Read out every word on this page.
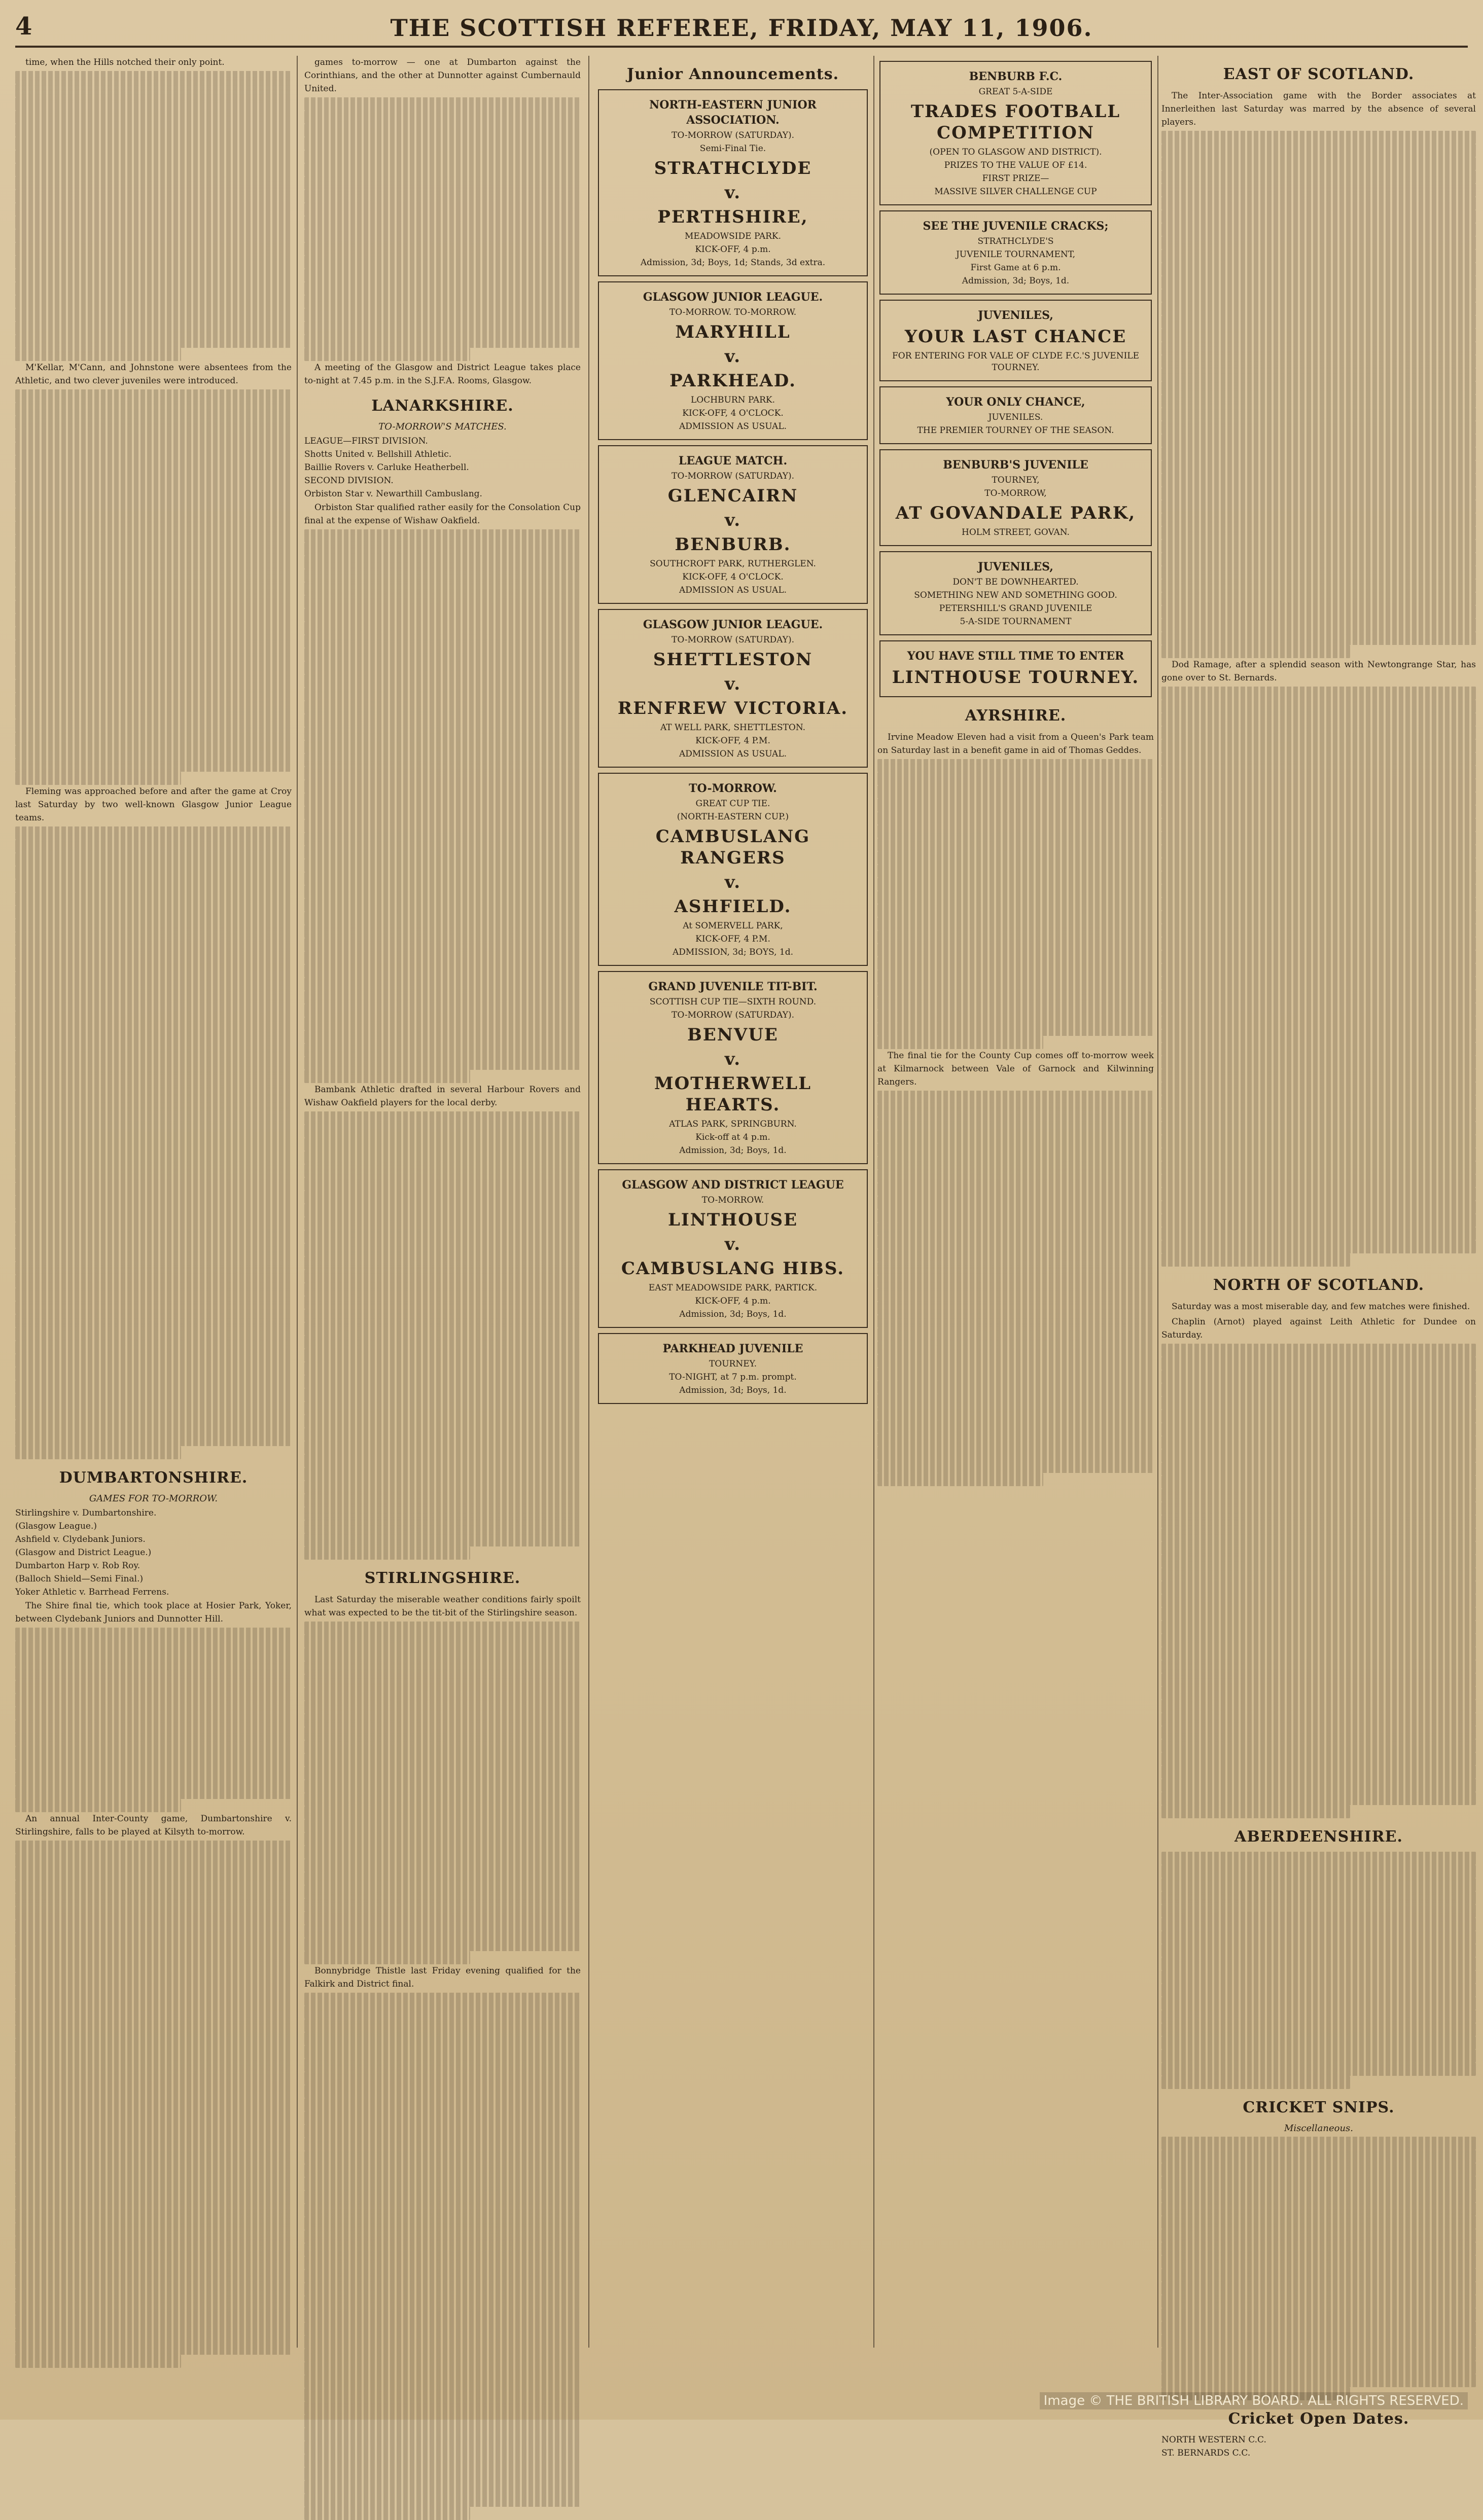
4	THE SCOTTISH REFEREE, FRIDAY, MAY 11, 1906.

time, when the Hills notched their only point.

M'Kellar, M'Cann, and Johnstone were absentees from the Athletic, and two clever juveniles were introduced.

Fleming was approached before and after the game at Croy last Saturday by two well-known Glasgow Junior League teams.

DUMBARTONSHIRE.
GAMES FOR TO-MORROW.
Stirlingshire v. Dumbartonshire.
(Glasgow League.)
Ashfield v. Clydebank Juniors.
(Glasgow and District League.)
Dumbarton Harp v. Rob Roy.
(Balloch Shield—Semi Final.)
Yoker Athletic v. Barrhead Ferrens.

The Shire final tie, which took place at Hosier Park, Yoker, between Clydebank Juniors and Dunnotter Hill.

An annual Inter-County game, Dumbartonshire v. Stirlingshire, falls to be played at Kilsyth to-morrow.

games to-morrow — one at Dumbarton against the Corinthians, and the other at Dunnotter against Cumbernauld United.

A meeting of the Glasgow and District League takes place to-night at 7.45 p.m. in the S.J.F.A. Rooms, Glasgow.

LANARKSHIRE.
TO-MORROW'S MATCHES.
LEAGUE—FIRST DIVISION.
Shotts United v. Bellshill Athletic.
Baillie Rovers v. Carluke Heatherbell.
SECOND DIVISION.
Orbiston Star v. Newarthill Cambuslang.

Orbiston Star qualified rather easily for the Consolation Cup final at the expense of Wishaw Oakfield.

Bambank Athletic drafted in several Harbour Rovers and Wishaw Oakfield players for the local derby.

STIRLINGSHIRE.

Last Saturday the miserable weather conditions fairly spoilt what was expected to be the tit-bit of the Stirlingshire season.

Bonnybridge Thistle last Friday evening qualified for the Falkirk and District final.

Junior Announcements.
NORTH-EASTERN JUNIOR ASSOCIATION.
TO-MORROW (SATURDAY).
Semi-Final Tie.
STRATHCLYDE
v.
PERTHSHIRE,
MEADOWSIDE PARK.
KICK-OFF, 4 p.m.
Admission, 3d; Boys, 1d; Stands, 3d extra.
GLASGOW JUNIOR LEAGUE.
TO-MORROW. TO-MORROW.
MARYHILL
v.
PARKHEAD.
LOCHBURN PARK.
KICK-OFF, 4 O'CLOCK.
ADMISSION AS USUAL.
LEAGUE MATCH.
TO-MORROW (SATURDAY).
GLENCAIRN
v.
BENBURB.
SOUTHCROFT PARK, RUTHERGLEN.
KICK-OFF, 4 O'CLOCK.
ADMISSION AS USUAL.
GLASGOW JUNIOR LEAGUE.
TO-MORROW (SATURDAY).
SHETTLESTON
v.
RENFREW VICTORIA.
AT WELL PARK, SHETTLESTON.
KICK-OFF, 4 P.M.
ADMISSION AS USUAL.
TO-MORROW.
GREAT CUP TIE.
(NORTH-EASTERN CUP.)
CAMBUSLANG RANGERS
v.
ASHFIELD.
At SOMERVELL PARK,
KICK-OFF, 4 P.M.
ADMISSION, 3d; BOYS, 1d.
GRAND JUVENILE TIT-BIT.
SCOTTISH CUP TIE—SIXTH ROUND.
TO-MORROW (SATURDAY).
BENVUE
v.
MOTHERWELL HEARTS.
ATLAS PARK, SPRINGBURN.
Kick-off at 4 p.m.
Admission, 3d; Boys, 1d.
GLASGOW AND DISTRICT LEAGUE
TO-MORROW.
LINTHOUSE
v.
CAMBUSLANG HIBS.
EAST MEADOWSIDE PARK, PARTICK.
KICK-OFF, 4 p.m.
Admission, 3d; Boys, 1d.
PARKHEAD JUVENILE
TOURNEY.
TO-NIGHT, at 7 p.m. prompt.
Admission, 3d; Boys, 1d.
BENBURB F.C.
GREAT 5-A-SIDE
TRADES FOOTBALL COMPETITION
(OPEN TO GLASGOW AND DISTRICT).
PRIZES TO THE VALUE OF £14.
FIRST PRIZE—
MASSIVE SILVER CHALLENGE CUP
SEE THE JUVENILE CRACKS;
STRATHCLYDE'S
JUVENILE TOURNAMENT,
First Game at 6 p.m.
Admission, 3d; Boys, 1d.
JUVENILES,
YOUR LAST CHANCE
FOR ENTERING FOR VALE OF CLYDE F.C.'S JUVENILE TOURNEY.
YOUR ONLY CHANCE,
JUVENILES.
THE PREMIER TOURNEY OF THE SEASON.
BENBURB'S JUVENILE
TOURNEY,
TO-MORROW,
AT GOVANDALE PARK,
HOLM STREET, GOVAN.
JUVENILES,
DON'T BE DOWNHEARTED.
SOMETHING NEW AND SOMETHING GOOD.
PETERSHILL'S GRAND JUVENILE
5-A-SIDE TOURNAMENT
YOU HAVE STILL TIME TO ENTER
LINTHOUSE TOURNEY.
AYRSHIRE.

Irvine Meadow Eleven had a visit from a Queen's Park team on Saturday last in a benefit game in aid of Thomas Geddes.

The final tie for the County Cup comes off to-morrow week at Kilmarnock between Vale of Garnock and Kilwinning Rangers.

EAST OF SCOTLAND.

The Inter-Association game with the Border associates at Innerleithen last Saturday was marred by the absence of several players.

Dod Ramage, after a splendid season with Newtongrange Star, has gone over to St. Bernards.

NORTH OF SCOTLAND.

Saturday was a most miserable day, and few matches were finished.

Chaplin (Arnot) played against Leith Athletic for Dundee on Saturday.

ABERDEENSHIRE.
CRICKET SNIPS.
Miscellaneous.
Cricket Open Dates.
NORTH WESTERN C.C.
ST. BERNARDS C.C.
Image © THE BRITISH LIBRARY BOARD. ALL RIGHTS RESERVED.
